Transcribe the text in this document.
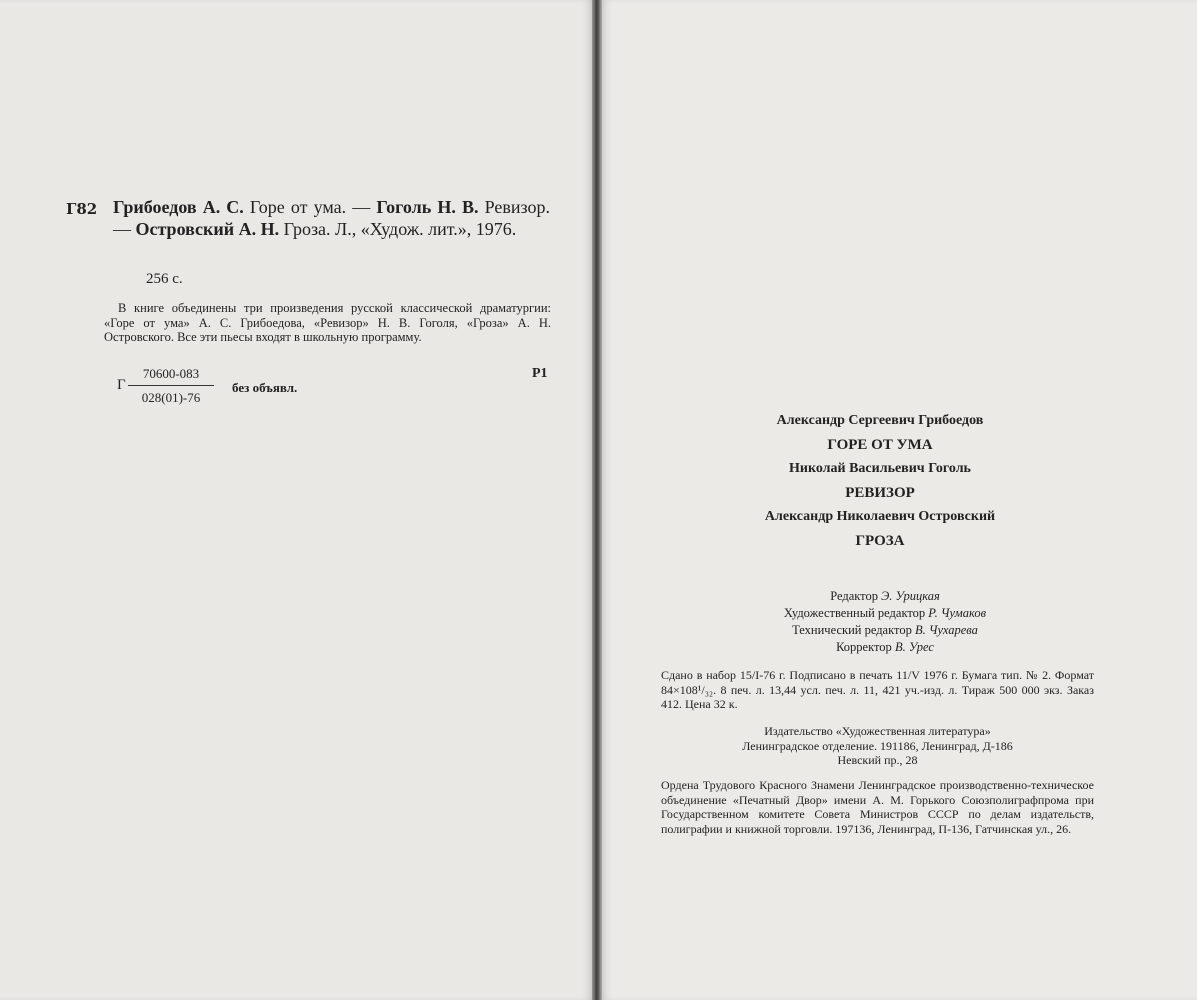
Г82 Грибоедов А. С. Горе от ума. — Гоголь Н. В. Ревизор. — Островский А. Н. Гроза. Л., «Худож. лит.», 1976.
256 с.
В книге объединены три произведения русской классической драматургии: «Горе от ума» А. С. Грибоедова, «Ревизор» Н. В. Гоголя, «Гроза» А. Н. Островского. Все эти пьесы входят в школьную программу.
Г $\frac{70600-083}{028(01)-76}$ без объявл.
Р1
Александр Сергеевич Грибоедов
ГОРЕ ОТ УМА
Николай Васильевич Гоголь
РЕВИЗОР
Александр Николаевич Островский
ГРОЗА
Редактор Э. Урицкая
Художественный редактор Р. Чумаков
Технический редактор В. Чухарева
Корректор В. Урес
Сдано в набор 15/I-76 г. Подписано в печать 11/V 1976 г. Бумага тип. № 2. Формат 84×108¹/₃₂. 8 печ. л. 13,44 усл. печ. л. 11, 421 уч.-изд. л. Тираж 500 000 экз. Заказ 412. Цена 32 к.
Издательство «Художественная литература»
Ленинградское отделение. 191186, Ленинград, Д-186
Невский пр., 28
Ордена Трудового Красного Знамени Ленинградское производственно-техническое объединение «Печатный Двор» имени А. М. Горького Союзполиграфпрома при Государственном комитете Совета Министров СССР по делам издательств, полиграфии и книжной торговли. 197136, Ленинград, П-136, Гатчинская ул., 26.
